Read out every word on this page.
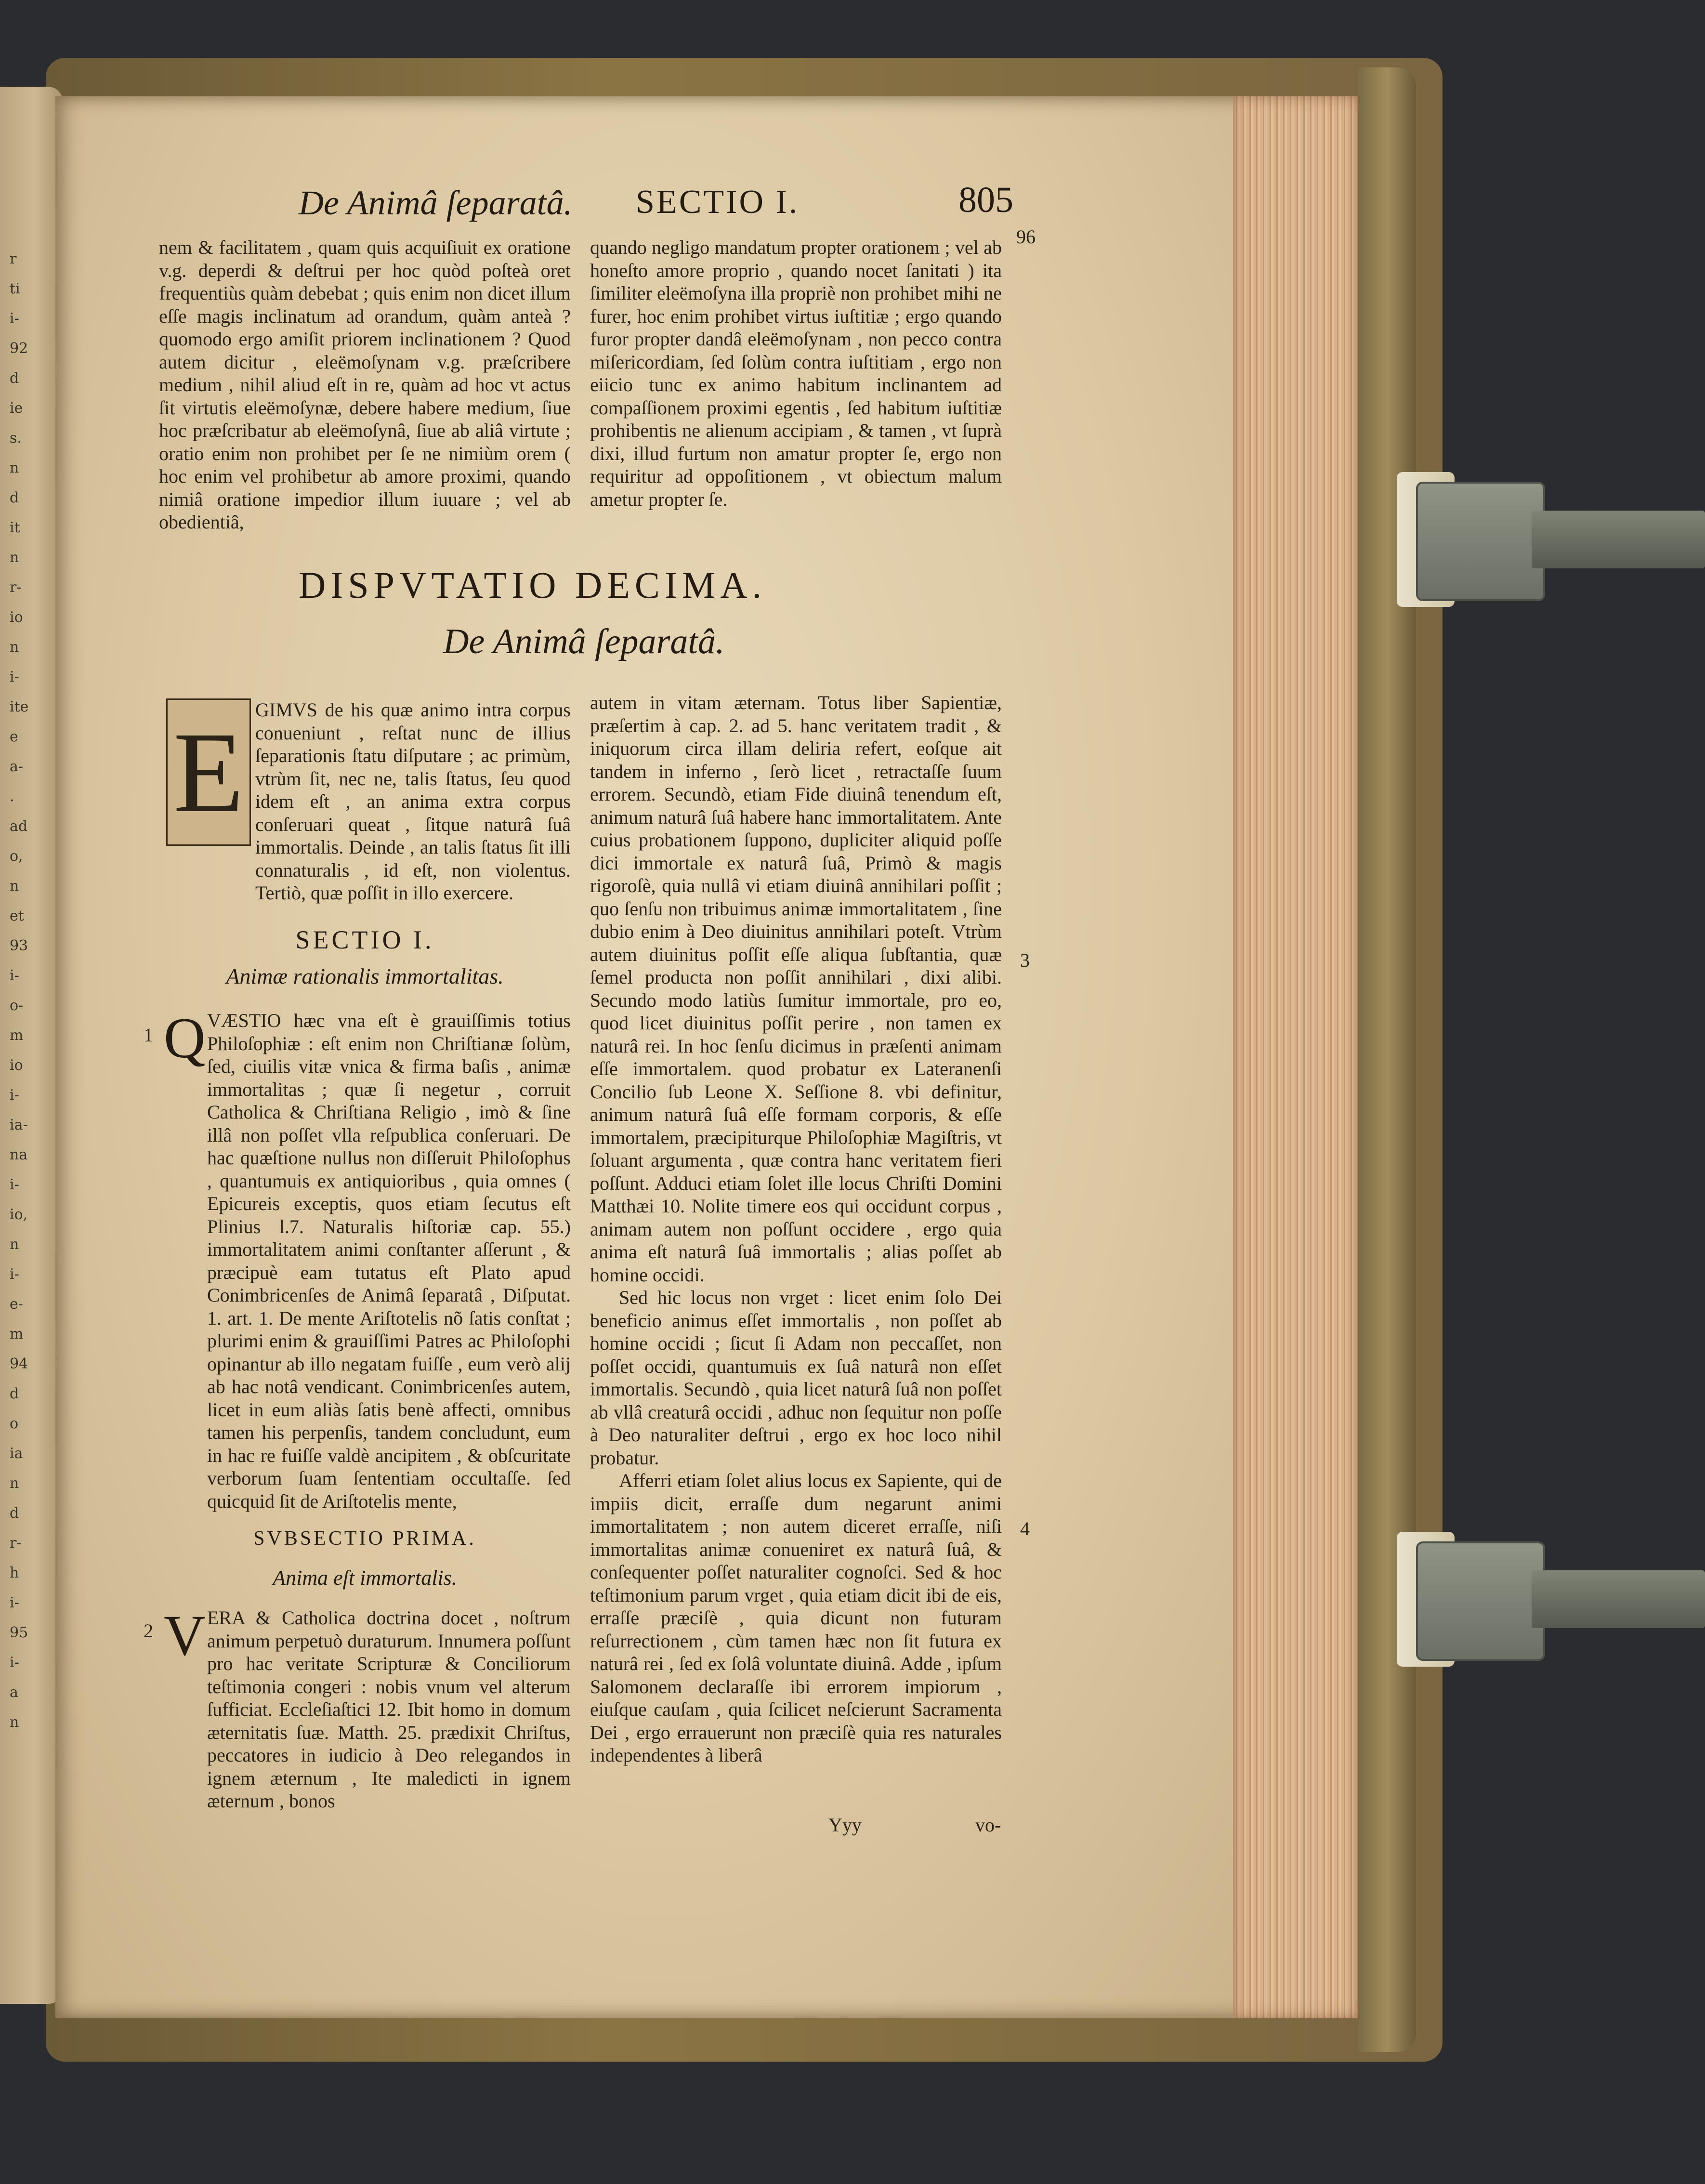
r
ti
i-
92
d
ie
s.
n
d
it
n
r-
io
n
i-
ite
e
a-
.
ad
o,
n
et
93
i-
o-
m
io
i-
ia-
na
i-
io,
n
i-
e-
m
94
d
o
ia
n
d
r-
h
i-
95
i-
a
n
De Animâ ſeparatâ. SECTIO I.	805
96

nem & facilitatem , quam quis acquiſiuit ex oratione v.g. deperdi & deſtrui per hoc quòd poſteà oret frequentiùs quàm debebat ; quis enim non dicet illum eſſe magis inclinatum ad orandum, quàm anteà ? quomodo ergo amiſit priorem inclinationem ? Quod autem dicitur , eleëmoſynam v.g. præſcribere medium , nihil aliud eſt in re, quàm ad hoc vt actus ſit virtutis eleëmoſynæ, debere habere medium, ſiue hoc præſcribatur ab eleëmoſynâ, ſiue ab aliâ virtute ; oratio enim non prohibet per ſe ne nimiùm orem ( hoc enim vel prohibetur ab amore proximi, quando nimiâ oratione impedior illum iuuare ; vel ab obedientiâ,

quando negligo mandatum propter orationem ; vel ab honeſto amore proprio , quando nocet ſanitati ) ita ſimiliter eleëmoſyna illa propriè non prohibet mihi ne furer, hoc enim prohibet virtus iuſtitiæ ; ergo quando furor propter dandâ eleëmoſynam , non pecco contra miſericordiam, ſed ſolùm contra iuſtitiam , ergo non eiicio tunc ex animo habitum inclinantem ad compaſſionem proximi egentis , ſed habitum iuſtitiæ prohibentis ne alienum accipiam , & tamen , vt ſuprà dixi, illud furtum non amatur propter ſe, ergo non requiritur ad oppoſitionem , vt obiectum malum ametur propter ſe.

DISPVTATIO DECIMA.
De Animâ ſeparatâ.
E GIMVS de his quæ animo intra corpus conueniunt , reſtat nunc de illius ſeparationis ſtatu diſputare ; ac primùm, vtrùm ſit, nec ne, talis ſtatus, ſeu quod idem eſt , an anima extra corpus conſeruari queat , ſitque naturâ ſuâ immortalis. Deinde , an talis ſtatus ſit illi connaturalis , id eſt, non violentus. Tertiò, quæ poſſit in illo exercere.

SECTIO I.
Animæ rationalis immortalitas.
1 Q VÆSTIO hæc vna eſt è grauiſſimis totius Philoſophiæ : eſt enim non Chriſtianæ ſolùm, ſed, ciuilis vitæ vnica & firma baſis , animæ immortalitas ; quæ ſi negetur , corruit Catholica & Chriſtiana Religio , imò & ſine illâ non poſſet vlla reſpublica conſeruari. De hac quæſtione nullus non diſſeruit Philoſophus , quantumuis ex antiquioribus , quia omnes ( Epicureis exceptis, quos etiam ſecutus eſt Plinius l.7. Naturalis hiſtoriæ cap. 55.) immortalitatem animi conſtanter aſſerunt , & præcipuè eam tutatus eſt Plato apud Conimbricenſes de Animâ ſeparatâ , Diſputat. 1. art. 1. De mente Ariſtotelis nõ ſatis conſtat ; plurimi enim & grauiſſimi Patres ac Philoſophi opinantur ab illo negatam fuiſſe , eum verò alij ab hac notâ vendicant. Conimbricenſes autem, licet in eum aliàs ſatis benè affecti, omnibus tamen his perpenſis, tandem concludunt, eum in hac re fuiſſe valdè ancipitem , & obſcuritate verborum ſuam ſententiam occultaſſe. ſed quicquid ſit de Ariſtotelis mente,

SVBSECTIO PRIMA.
Anima eſt immortalis.
2 V ERA & Catholica doctrina docet , noſtrum animum perpetuò duraturum. Innumera poſſunt pro hac veritate Scripturæ & Conciliorum teſtimonia congeri : nobis vnum vel alterum ſufficiat. Eccleſiaſtici 12. Ibit homo in domum æternitatis ſuæ. Matth. 25. prædixit Chriſtus, peccatores in iudicio à Deo relegandos in ignem æternum , Ite maledicti in ignem æternum , bonos

autem in vitam æternam. Totus liber Sapientiæ, præſertim à cap. 2. ad 5. hanc veritatem tradit , & iniquorum circa illam deliria refert, eoſque ait tandem in inferno , ſerò licet , retractaſſe ſuum errorem. Secundò, etiam Fide diuinâ tenendum eſt, animum naturâ ſuâ habere hanc immortalitatem. Ante cuius probationem ſuppono, dupliciter aliquid poſſe dici immortale ex naturâ ſuâ, Primò & magis rigoroſè, quia nullâ vi etiam diuinâ annihilari poſſit ; quo ſenſu non tribuimus animæ immortalitatem , ſine dubio enim à Deo diuinitus annihilari poteſt. Vtrùm autem diuinitus poſſit eſſe aliqua ſubſtantia, quæ ſemel producta non poſſit annihilari , dixi alibi. Secundo modo latiùs ſumitur immortale, pro eo, quod licet diuinitus poſſit perire , non tamen ex naturâ rei. In hoc ſenſu dicimus in præſenti animam eſſe immortalem. quod probatur ex Lateranenſi Concilio ſub Leone X. Seſſione 8. vbi definitur, animum naturâ ſuâ eſſe formam corporis, & eſſe immortalem, præcipiturque Philoſophiæ Magiſtris, vt ſoluant argumenta , quæ contra hanc veritatem fieri poſſunt. Adduci etiam ſolet ille locus Chriſti Domini Matthæi 10. Nolite timere eos qui occidunt corpus , animam autem non poſſunt occidere , ergo quia anima eſt naturâ ſuâ immortalis ; alias poſſet ab homine occidi.

Sed hic locus non vrget : licet enim ſolo Dei beneficio animus eſſet immortalis , non poſſet ab homine occidi ; ſicut ſi Adam non peccaſſet, non poſſet occidi, quantumuis ex ſuâ naturâ non eſſet immortalis. Secundò , quia licet naturâ ſuâ non poſſet ab vllâ creaturâ occidi , adhuc non ſequitur non poſſe à Deo naturaliter deſtrui , ergo ex hoc loco nihil probatur.

Afferri etiam ſolet alius locus ex Sapiente, qui de impiis dicit, erraſſe dum negarunt animi immortalitatem ; non autem diceret erraſſe, niſi immortalitas animæ conueniret ex naturâ ſuâ, & conſequenter poſſet naturaliter cognoſci. Sed & hoc teſtimonium parum vrget , quia etiam dicit ibi de eis, erraſſe præciſè , quia dicunt non futuram reſurrectionem , cùm tamen hæc non ſit futura ex naturâ rei , ſed ex ſolâ voluntate diuinâ. Adde , ipſum Salomonem declaraſſe ibi errorem impiorum , eiuſque cauſam , quia ſcilicet neſcierunt Sacramenta Dei , ergo errauerunt non præciſè quia res naturales independentes à liberâ

3
4
Yyy	vo-
